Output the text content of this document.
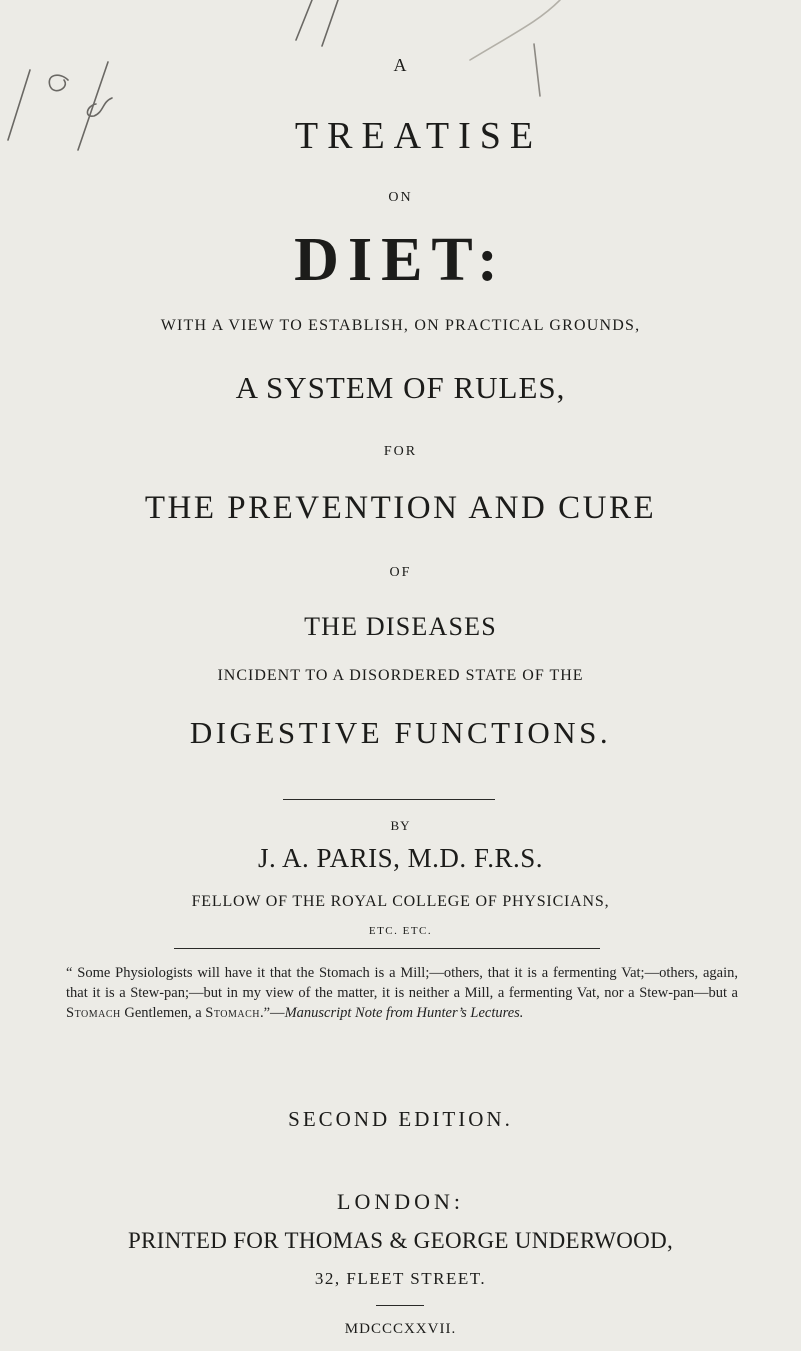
A
TREATISE
ON
DIET:
WITH A VIEW TO ESTABLISH, ON PRACTICAL GROUNDS,
A SYSTEM OF RULES,
FOR
THE PREVENTION AND CURE
OF
THE DISEASES
INCIDENT TO A DISORDERED STATE OF THE
DIGESTIVE FUNCTIONS.
BY
J. A. PARIS, M.D. F.R.S.
FELLOW OF THE ROYAL COLLEGE OF PHYSICIANS,
ETC. ETC.
“ Some Physiologists will have it that the Stomach is a Mill;—others, that it is a fermenting Vat;—others, again, that it is a Stew-pan;—but in my view of the matter, it is neither a Mill, a fermenting Vat, nor a Stew-pan—but a Stomach Gentlemen, a Stomach.”—Manuscript Note from Hunter’s Lectures.
SECOND EDITION.
LONDON:
PRINTED FOR THOMAS & GEORGE UNDERWOOD,
32, FLEET STREET.
MDCCCXXVII.
